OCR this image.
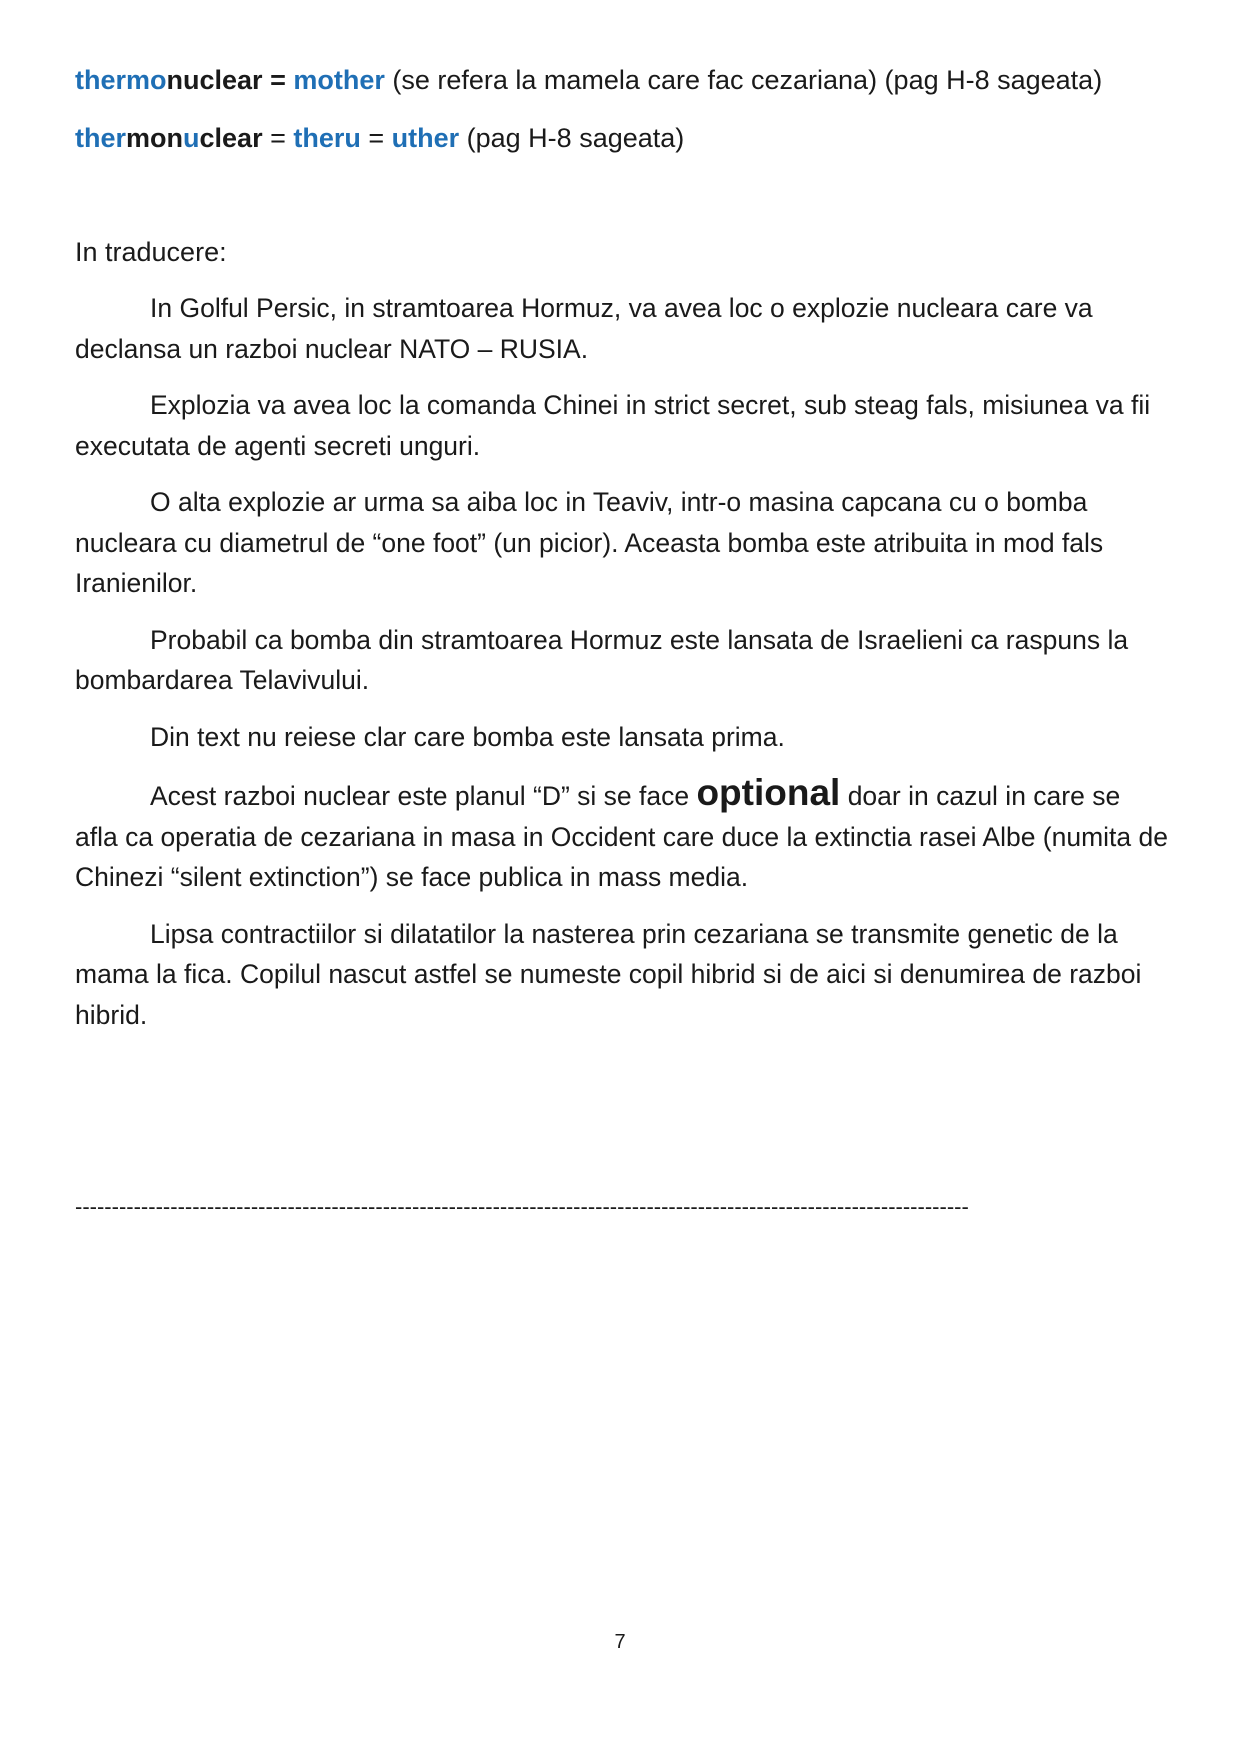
thermonuclear = mother (se refera la mamela care fac cezariana) (pag H-8 sageata)
thermonuclear = theru = uther (pag H-8 sageata)
In traducere:

In Golful Persic, in stramtoarea Hormuz, va avea loc o explozie nucleara care va declansa un razboi nuclear NATO – RUSIA.

Explozia va avea loc la comanda Chinei in strict secret, sub steag fals, misiunea va fii executata de agenti secreti unguri.

O alta explozie ar urma sa aiba loc in Teaviv, intr-o masina capcana cu o bomba nucleara cu diametrul de “one foot” (un picior). Aceasta bomba este atribuita in mod fals Iranienilor.

Probabil ca bomba din stramtoarea Hormuz este lansata de Israelieni ca raspuns la bombardarea Telavivului.

Din text nu reiese clar care bomba este lansata prima.

Acest razboi nuclear este planul “D” si se face optional doar in cazul in care se afla ca operatia de cezariana in masa in Occident care duce la extinctia rasei Albe (numita de Chinezi “silent extinction”) se face publica in mass media.

Lipsa contractiilor si dilatatilor la nasterea prin cezariana se transmite genetic de la mama la fica. Copilul nascut astfel se numeste copil hibrid si de aici si denumirea de razboi hibrid.

--------------------------------------------------------------------------------------------------------------------------
7
